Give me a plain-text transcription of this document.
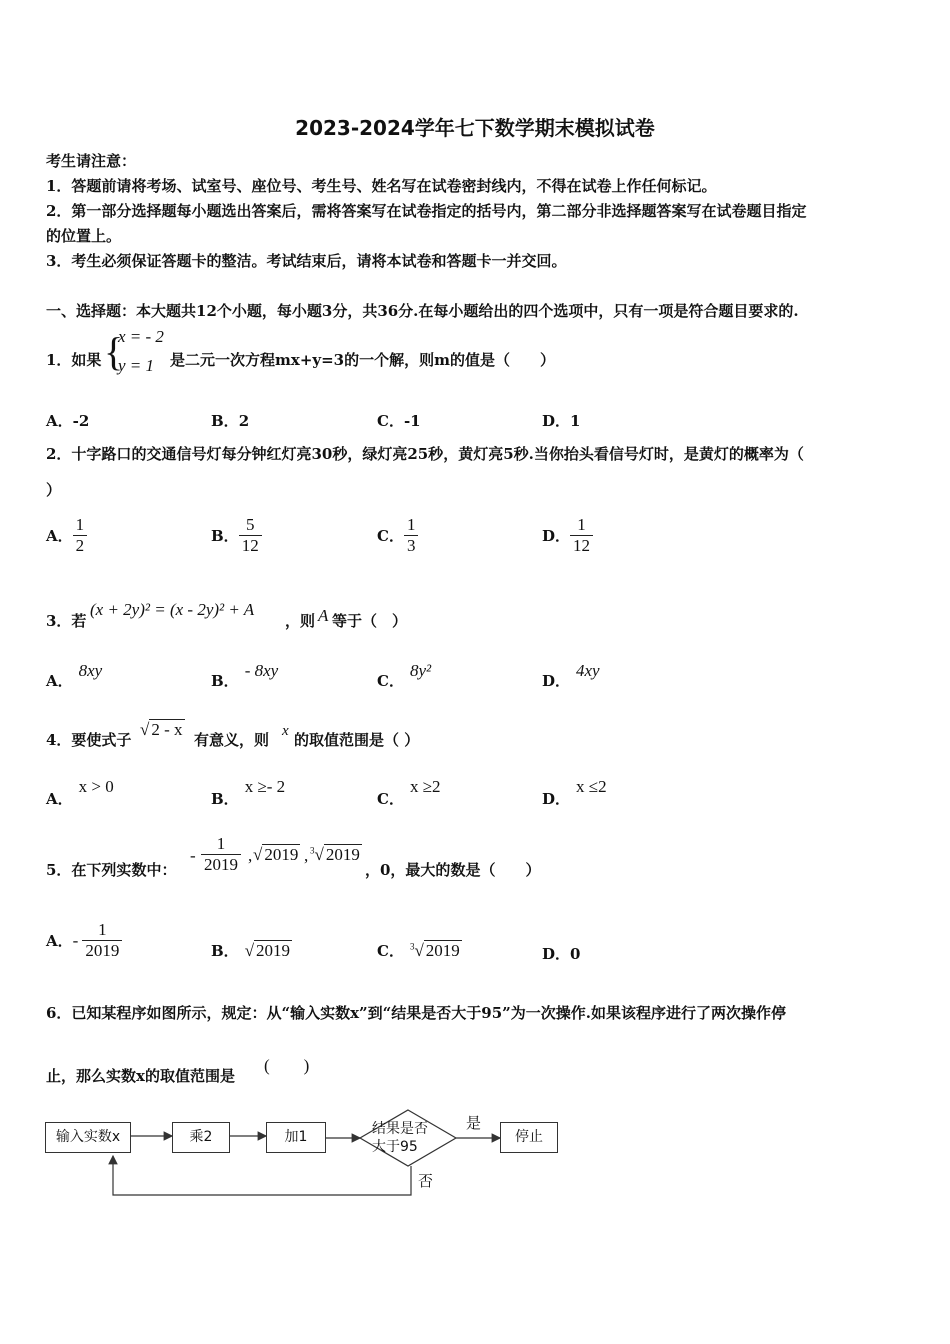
2023-2024学年七下数学期末模拟试卷
考生请注意：
1．答题前请将考场、试室号、座位号、考生号、姓名写在试卷密封线内，不得在试卷上作任何标记。
2．第一部分选择题每小题选出答案后，需将答案写在试卷指定的括号内，第二部分非选择题答案写在试卷题目指定
的位置上。
3．考生必须保证答题卡的整洁。考试结束后，请将本试卷和答题卡一并交回。
一、选择题：本大题共12个小题，每小题3分，共36分.在每小题给出的四个选项中，只有一项是符合题目要求的.
1．如果 {
x = - 2
y = 1 是二元一次方程mx+y=3的一个解，则m的值是（　　）
A．-2	B．2	C．-1	D．1
2．十字路口的交通信号灯每分钟红灯亮30秒，绿灯亮25秒，黄灯亮5秒.当你抬头看信号灯时，是黄灯的概率为（
）
A． $\frac{1}{2}$	B． $\frac{5}{12}$	C． $\frac{1}{3}$	D． $\frac{1}{12}$
3．若
(x + 2y)² = (x - 2y)² + A
，则 A 等于（　）
A．8xy
B．- 8xy
C．8y²
D．4xy
4．要使式子
√ 2 - x
有意义，则 x 的取值范围是（ ）
A．x > 0
B．x ≥- 2
C．x ≥2
D．x ≤2
5．在下列实数中：
- $\frac{1}{2019}$ , √ 2019 , $^3$√ 2019
，0，最大的数是（　　）
A．- $\frac{1}{2019}$	B． √ 2019	C． $^3$√ 2019	D．0
6．已知某程序如图所示，规定：从“输入实数x”到“结果是否大于95”为一次操作.如果该程序进行了两次操作停
止，那么实数x的取值范围是
(　　)
输入实数x	乘2	加1	结果是否
大于95
是
停止
否
